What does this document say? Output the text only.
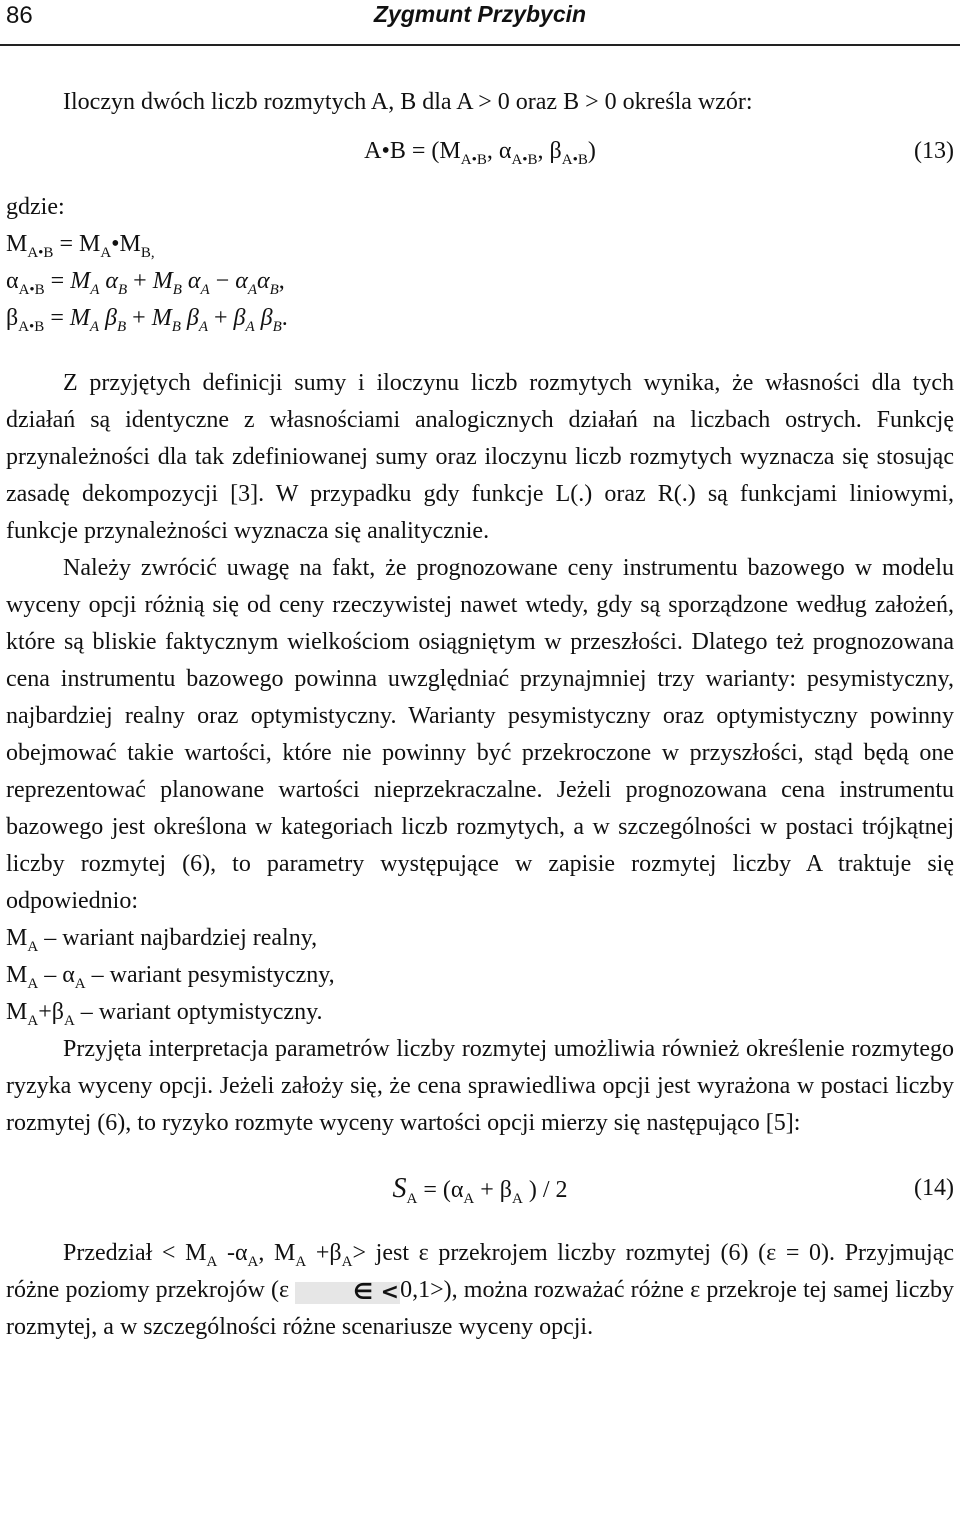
86	Zygmunt Przybycin

Iloczyn dwóch liczb rozmytych A, B dla A > 0 oraz B > 0 określa wzór:

A•B = ($M_{A•B}$, $\alpha_{A•B}$, $\beta_{A•B}$)	(13)

gdzie:

$M_{A•B}$ = $M_A•M_{B,}$

$\alpha_{A•B} = M_A$ $\alpha_B + M_B$ $\alpha_A - \alpha_A\alpha_B$,

$\beta_{A•B} = M_A$ $\beta_B + M_B$ $\beta_A + \beta_A$ $\beta_B$.

Z przyjętych definicji sumy i iloczynu liczb rozmytych wynika, że własności dla tych działań są identyczne z własnościami analogicznych działań na liczbach ostrych. Funkcję przynależności dla tak zdefiniowanej sumy oraz iloczynu liczb rozmytych wyznacza się stosując zasadę dekompozycji [3]. W przypadku gdy funkcje L(.) oraz R(.) są funkcjami liniowymi, funkcje przynależności wyznacza się analitycznie.

Należy zwrócić uwagę na fakt, że prognozowane ceny instrumentu bazowego w modelu wyceny opcji różnią się od ceny rzeczywistej nawet wtedy, gdy są sporządzone według założeń, które są bliskie faktycznym wielkościom osiągniętym w przeszłości. Dlatego też prognozowana cena instrumentu bazowego powinna uwzględniać przynajmniej trzy warianty: pesymistyczny, najbardziej realny oraz optymistyczny. Warianty pesymistyczny oraz optymistyczny powinny obejmować takie wartości, które nie powinny być przekroczone w przyszłości, stąd będą one reprezentować planowane wartości nieprzekraczalne. Jeżeli prognozowana cena instrumentu bazowego jest określona w kategoriach liczb rozmytych, a w szczególności w postaci trójkątnej liczby rozmytej (6), to parametry występujące w zapisie rozmytej liczby A traktuje się odpowiednio:

$M_A$ – wariant najbardziej realny,

$M_A - \alpha_A$ – wariant pesymistyczny,

$M_A+\beta_A$ – wariant optymistyczny.

Przyjęta interpretacja parametrów liczby rozmytej umożliwia również określenie rozmytego ryzyka wyceny opcji. Jeżeli założy się, że cena sprawiedliwa opcji jest wyrażona w postaci liczby rozmytej (6), to ryzyko rozmyte wyceny wartości opcji mierzy się następująco [5]:

$S_A = (\alpha_A + \beta_A$ ) / 2	(14)

Przedział < $M_A$ $-\alpha_A$, $M_A +\beta_A>$ jest ε przekrojem liczby rozmytej (6) (ε = 0). Przyjmując różne poziomy przekrojów (ε	∈ <0,1>), można rozważać różne ε przekroje tej samej liczby rozmytej, a w szczególności różne scenariusze wyceny opcji.
